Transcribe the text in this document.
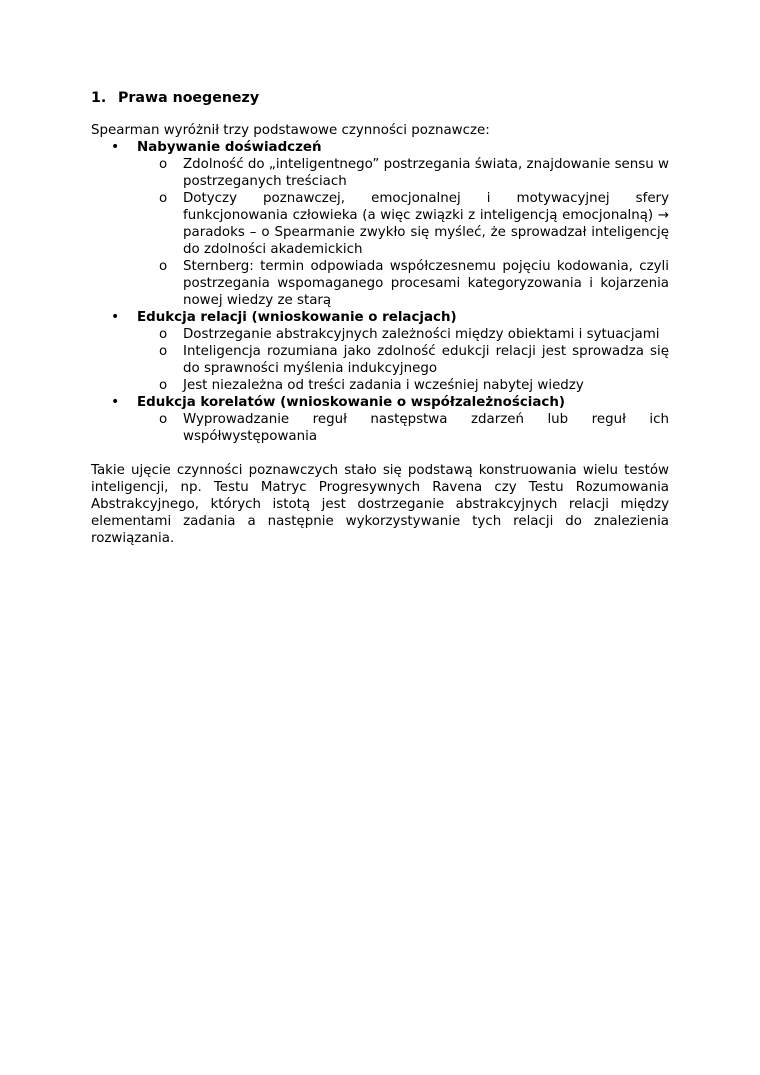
1. Prawa noegenezy
Spearman wyróżnił trzy podstawowe czynności poznawcze:
• Nabywanie doświadczeń
o Zdolność do „inteligentnego” postrzegania świata, znajdowanie sensu w postrzeganych treściach
o Dotyczy poznawczej, emocjonalnej i motywacyjnej sfery funkcjonowania człowieka (a więc związki z inteligencją emocjonalną) → paradoks – o Spearmanie zwykło się myśleć, że sprowadzał inteligencję do zdolności akademickich
o Sternberg: termin odpowiada współczesnemu pojęciu kodowania, czyli postrzegania wspomaganego procesami kategoryzowania i kojarzenia nowej wiedzy ze starą
• Edukcja relacji (wnioskowanie o relacjach)
o Dostrzeganie abstrakcyjnych zależności między obiektami i sytuacjami
o Inteligencja rozumiana jako zdolność edukcji relacji jest sprowadza się do sprawności myślenia indukcyjnego
o Jest niezależna od treści zadania i wcześniej nabytej wiedzy
• Edukcja korelatów (wnioskowanie o współzależnościach)
o Wyprowadzanie reguł następstwa zdarzeń lub reguł ich współwystępowania
Takie ujęcie czynności poznawczych stało się podstawą konstruowania wielu testów inteligencji, np. Testu Matryc Progresywnych Ravena czy Testu Rozumowania Abstrakcyjnego, których istotą jest dostrzeganie abstrakcyjnych relacji między elementami zadania a następnie wykorzystywanie tych relacji do znalezienia rozwiązania.
